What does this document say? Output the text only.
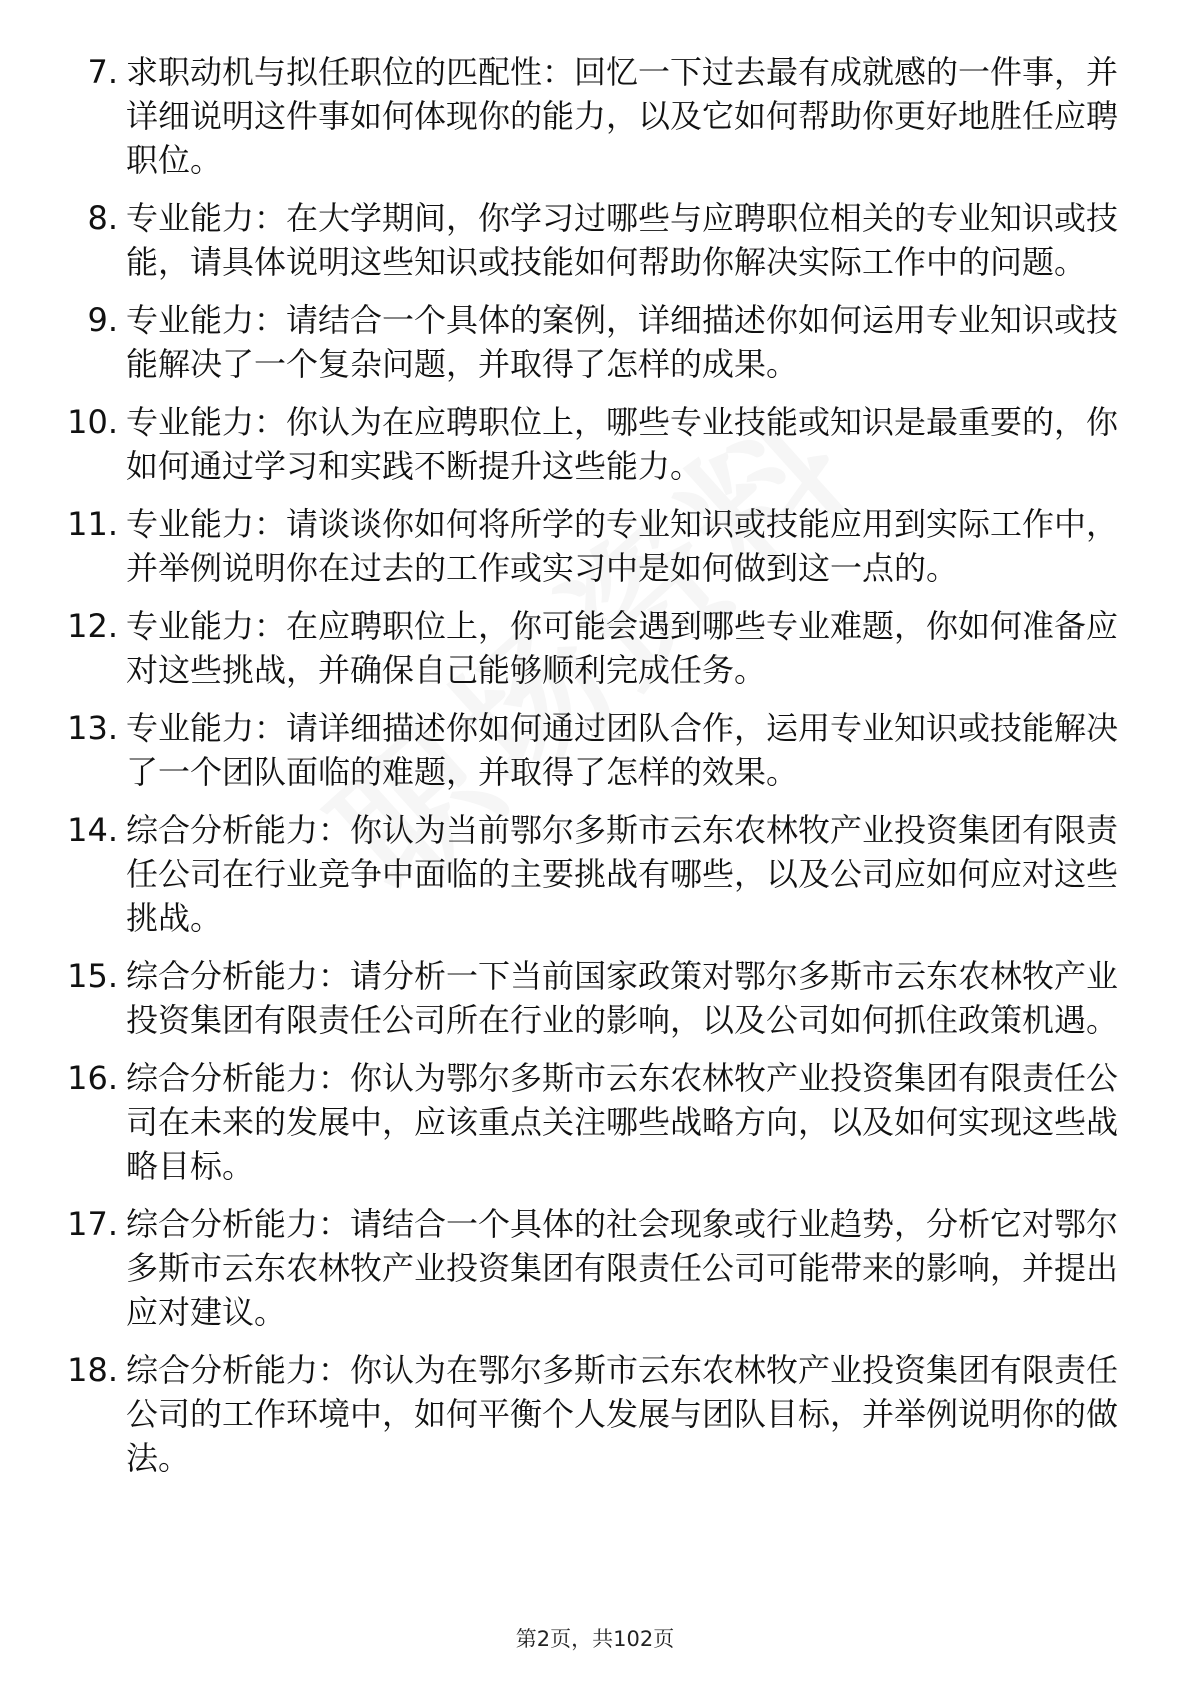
7. 求职动机与拟任职位的匹配性：回忆一下过去最有成就感的一件事，并详细说明这件事如何体现你的能力，以及它如何帮助你更好地胜任应聘职位。
8. 专业能力：在大学期间，你学习过哪些与应聘职位相关的专业知识或技能，请具体说明这些知识或技能如何帮助你解决实际工作中的问题。
9. 专业能力：请结合一个具体的案例，详细描述你如何运用专业知识或技能解决了一个复杂问题，并取得了怎样的成果。
10. 专业能力：你认为在应聘职位上，哪些专业技能或知识是最重要的，你如何通过学习和实践不断提升这些能力。
11. 专业能力：请谈谈你如何将所学的专业知识或技能应用到实际工作中，并举例说明你在过去的工作或实习中是如何做到这一点的。
12. 专业能力：在应聘职位上，你可能会遇到哪些专业难题，你如何准备应对这些挑战，并确保自己能够顺利完成任务。
13. 专业能力：请详细描述你如何通过团队合作，运用专业知识或技能解决了一个团队面临的难题，并取得了怎样的效果。
14. 综合分析能力：你认为当前鄂尔多斯市云东农林牧产业投资集团有限责任公司在行业竞争中面临的主要挑战有哪些，以及公司应如何应对这些挑战。
15. 综合分析能力：请分析一下当前国家政策对鄂尔多斯市云东农林牧产业投资集团有限责任公司所在行业的影响，以及公司如何抓住政策机遇。
16. 综合分析能力：你认为鄂尔多斯市云东农林牧产业投资集团有限责任公司在未来的发展中，应该重点关注哪些战略方向，以及如何实现这些战略目标。
17. 综合分析能力：请结合一个具体的社会现象或行业趋势，分析它对鄂尔多斯市云东农林牧产业投资集团有限责任公司可能带来的影响，并提出应对建议。
18. 综合分析能力：你认为在鄂尔多斯市云东农林牧产业投资集团有限责任公司的工作环境中，如何平衡个人发展与团队目标，并举例说明你的做法。
第2页，共102页
